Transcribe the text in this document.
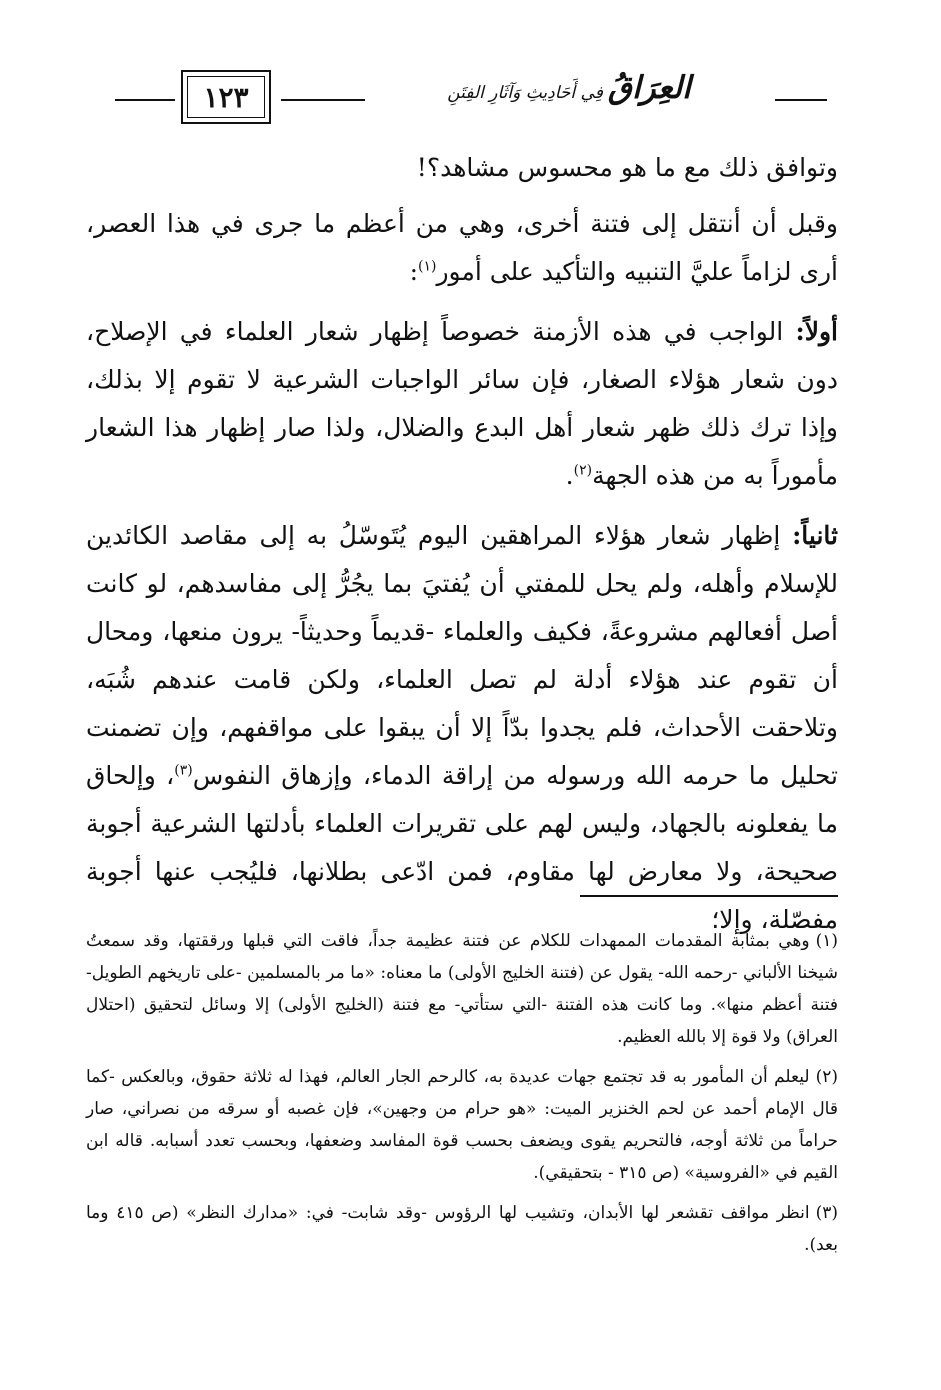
١٢٣	العِرَاقُ فِي أَحَادِيثِ وَآثَارِ الفِتَنِ

وتوافق ذلك مع ما هو محسوس مشاهد؟!

وقبل أن أنتقل إلى فتنة أخرى، وهي من أعظم ما جرى في هذا العصر، أرى لزاماً عليَّ التنبيه والتأكيد على أمور$^{(١)}$:

أولاً: الواجب في هذه الأزمنة خصوصاً إظهار شعار العلماء في الإصلاح، دون شعار هؤلاء الصغار، فإن سائر الواجبات الشرعية لا تقوم إلا بذلك، وإذا ترك ذلك ظهر شعار أهل البدع والضلال، ولذا صار إظهار هذا الشعار مأموراً به من هذه الجهة$^{(٢)}$.

ثانياً: إظهار شعار هؤلاء المراهقين اليوم يُتَوسّلُ به إلى مقاصد الكائدين للإسلام وأهله، ولم يحل للمفتي أن يُفتيَ بما يجُرُّ إلى مفاسدهم، لو كانت أصل أفعالهم مشروعةً، فكيف والعلماء -قديماً وحديثاً- يرون منعها، ومحال أن تقوم عند هؤلاء أدلة لم تصل العلماء، ولكن قامت عندهم شُبَه، وتلاحقت الأحداث، فلم يجدوا بدّاً إلا أن يبقوا على مواقفهم، وإن تضمنت تحليل ما حرمه الله ورسوله من إراقة الدماء، وإزهاق النفوس$^{(٣)}$، وإلحاق ما يفعلونه بالجهاد، وليس لهم على تقريرات العلماء بأدلتها الشرعية أجوبة صحيحة، ولا معارض لها مقاوم، فمن ادّعى بطلانها، فليُجب عنها أجوبة مفصّلة، وإلا؛

(١)وهي بمثابة المقدمات الممهدات للكلام عن فتنة عظيمة جداً، فاقت التي قبلها ورققتها، وقد سمعتُ شيخنا الألباني -رحمه الله- يقول عن (فتنة الخليج الأولى) ما معناه: «ما مر بالمسلمين -على تاريخهم الطويل- فتنة أعظم منها». وما كانت هذه الفتنة -التي ستأتي- مع فتنة (الخليج الأولى) إلا وسائل لتحقيق (احتلال العراق) ولا قوة إلا بالله العظيم.

(٢)ليعلم أن المأمور به قد تجتمع جهات عديدة به، كالرحم الجار العالم، فهذا له ثلاثة حقوق، وبالعكس -كما قال الإمام أحمد عن لحم الخنزير الميت: «هو حرام من وجهين»، فإن غصبه أو سرقه من نصراني، صار حراماً من ثلاثة أوجه، فالتحريم يقوى ويضعف بحسب قوة المفاسد وضعفها، وبحسب تعدد أسبابه. قاله ابن القيم في «الفروسية» (ص ٣١٥ - بتحقيقي).

(٣)انظر مواقف تقشعر لها الأبدان، وتشيب لها الرؤوس -وقد شابت- في: «مدارك النظر» (ص ٤١٥ وما بعد).
